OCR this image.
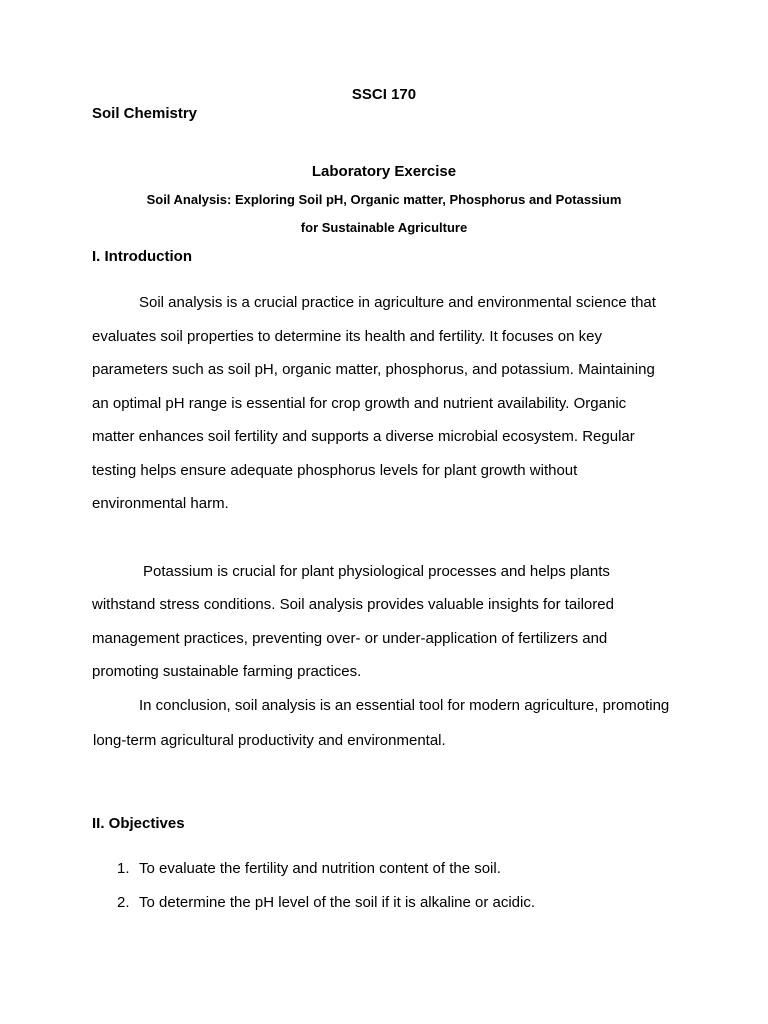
SSCI 170
Soil Chemistry
Laboratory Exercise
Soil Analysis: Exploring Soil pH, Organic matter, Phosphorus and Potassium
for Sustainable Agriculture
I. Introduction
Soil analysis is a crucial practice in agriculture and environmental science that
evaluates soil properties to determine its health and fertility. It focuses on key
parameters such as soil pH, organic matter, phosphorus, and potassium. Maintaining
an optimal pH range is essential for crop growth and nutrient availability. Organic
matter enhances soil fertility and supports a diverse microbial ecosystem. Regular
testing helps ensure adequate phosphorus levels for plant growth without
environmental harm.
Potassium is crucial for plant physiological processes and helps plants
withstand stress conditions. Soil analysis provides valuable insights for tailored
management practices, preventing over- or under-application of fertilizers and
promoting sustainable farming practices.
In conclusion, soil analysis is an essential tool for modern agriculture, promoting
long-term agricultural productivity and environmental.
II. Objectives
1. To evaluate the fertility and nutrition content of the soil.
2. To determine the pH level of the soil if it is alkaline or acidic.
